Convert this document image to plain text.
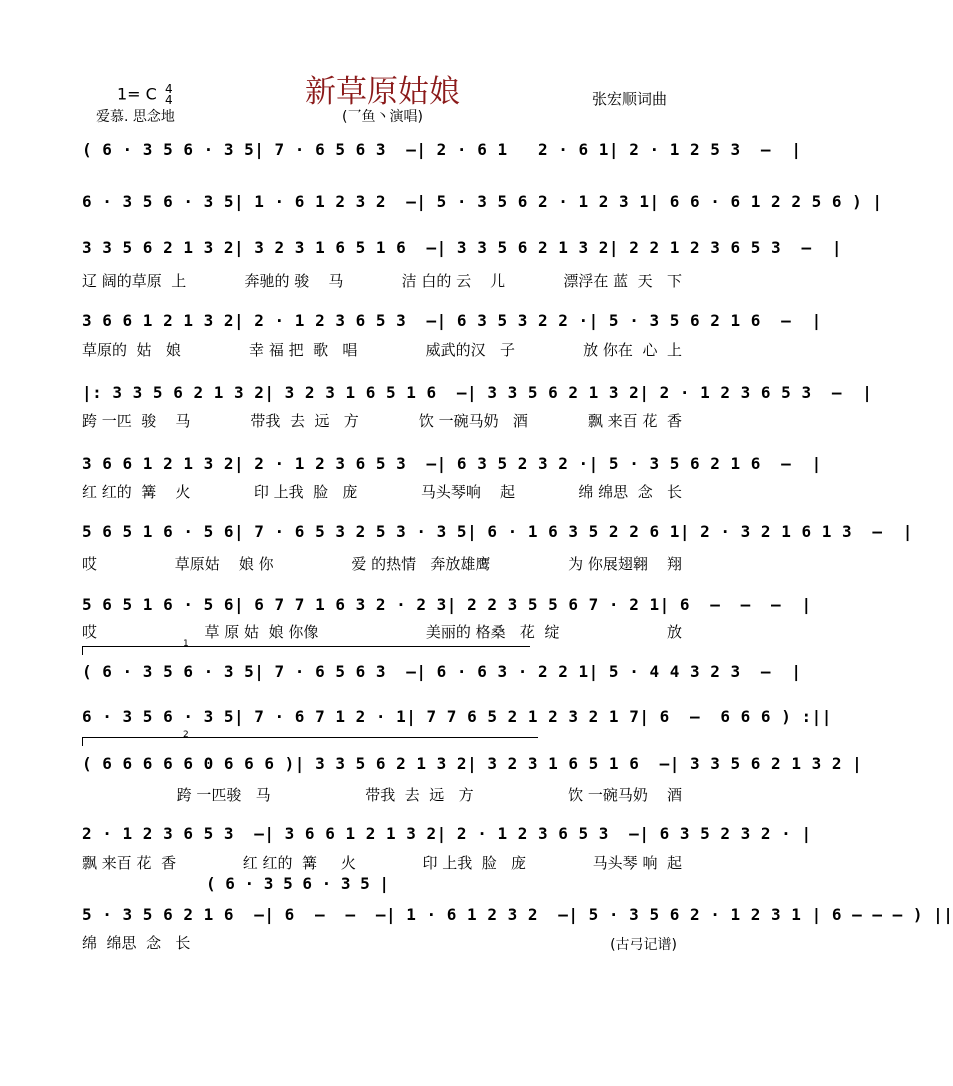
新草原姑娘
1= C 4
4
爱慕. 思念地
张宏顺词曲
(乛鱼丶演唱)
( 6 · 3 5 6 · 3 5 | 7 · 6 5 6 3  – | 2 · 6 1   2 · 6 1 | 2 · 1 2 5 3  –  |
6 · 3 5 6 · 3 5 | 1 · 6 1 2 3 2  – | 5 · 3 5 6 2 · 1 2 3 1 | 6 6 · 6 1 2 2 5 6 ) |
3 3 5 6 2 1 3 2 | 3 2 3 1 6 5 1 6  – | 3 3 5 6 2 1 3 2 | 2 2 1 2 3 6 5 3  –  |
辽 阔的草原  上	奔驰的 骏    马	洁 白的 云    儿	漂浮在 蓝  天   下
3 6 6 1 2 1 3 2 | 2 · 1 2 3 6 5 3  – | 6 3 5 3 2 2 · | 5 · 3 5 6 2 1 6  –  |
草原的  姑   娘	幸 福 把  歌   唱	威武的汉   子	放 你在  心  上
|: 3 3 5 6 2 1 3 2 | 3 2 3 1 6 5 1 6  – | 3 3 5 6 2 1 3 2 | 2 · 1 2 3 6 5 3  –  |
跨 一匹  骏    马	带我  去  远   方	饮 一碗马奶   酒	飘 来百 花  香
3 6 6 1 2 1 3 2 | 2 · 1 2 3 6 5 3  – | 6 3 5 2 3 2 · | 5 · 3 5 6 2 1 6  –  |
红 红的  篝    火	印 上我  脸   庞	马头琴响    起	绵 绵思  念   长
5 6 5 1 6 · 5 6 | 7 · 6 5 3 2 5 3 · 3 5 | 6 · 1 6 3 5 2 2 6 1 | 2 · 3 2 1 6 1 3  –  |
哎	草原姑    娘 你	爱 的热情   奔放雄鹰	为 你展翅翱    翔
5 6 5 1 6 · 5 6 | 6 7 7 1 6 3 2 · 2 3 | 2 2 3 5 5 6 7 · 2 1 | 6  –  –  –  |
哎	草 原 姑  娘 你像	美丽的 格桑   花  绽	放
( 6 · 3 5 6 · 3 5 | 7 · 6 5 6 3  – | 6 · 6 3 · 2 2 1 | 5 · 4 4 3 2 3  –  |
6 · 3 5 6 · 3 5 | 7 · 6 7 1 2 · 1 | 7 7 6 5 2 1 2 3 2 1 7 | 6  –  6 6 6 ) :||
( 6 6 6 6 6 0 6 6 6 ) | 3 3 5 6 2 1 3 2 | 3 2 3 1 6 5 1 6  – | 3 3 5 6 2 1 3 2 |
跨 一匹骏   马	带我  去  远   方	饮 一碗马奶    酒
2 · 1 2 3 6 5 3  – | 3 6 6 1 2 1 3 2 | 2 · 1 2 3 6 5 3  – | 6 3 5 2 3 2 · |
飘 来百 花  香	红 红的  篝     火	印 上我  脸   庞	马头琴 响  起
5 · 3 5 6 2 1 6  – | 6  –  –  – | 1 · 6 1 2 3 2  – | 5 · 3 5 6 2 · 1 2 3 1 | 6 – – – ) ||
绵  绵思  念   长
1
2
( 6 · 3 5 6 · 3 5 |
(古弓记谱)
